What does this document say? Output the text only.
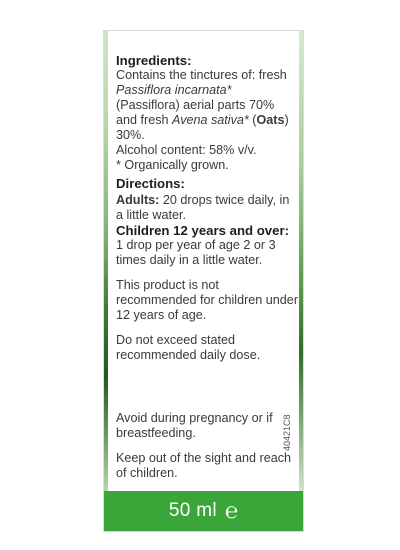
Ingredients:

Contains the tinctures of: fresh Passiflora incarnata* (Passiflora) aerial parts 70% and fresh Avena sativa* (Oats) 30%.

Alcohol content: 58% v/v.
* Organically grown.
Directions:

Adults: 20 drops twice daily, in a little water.

Children 12 years and over:
1 drop per year of age 2 or 3 times daily in a little water.
This product is not recommended for children under 12 years of age.
Do not exceed stated recommended daily dose.
Avoid during pregnancy or if breastfeeding.
Keep out of the sight and reach of children.
40421C8
50 ml ℮
